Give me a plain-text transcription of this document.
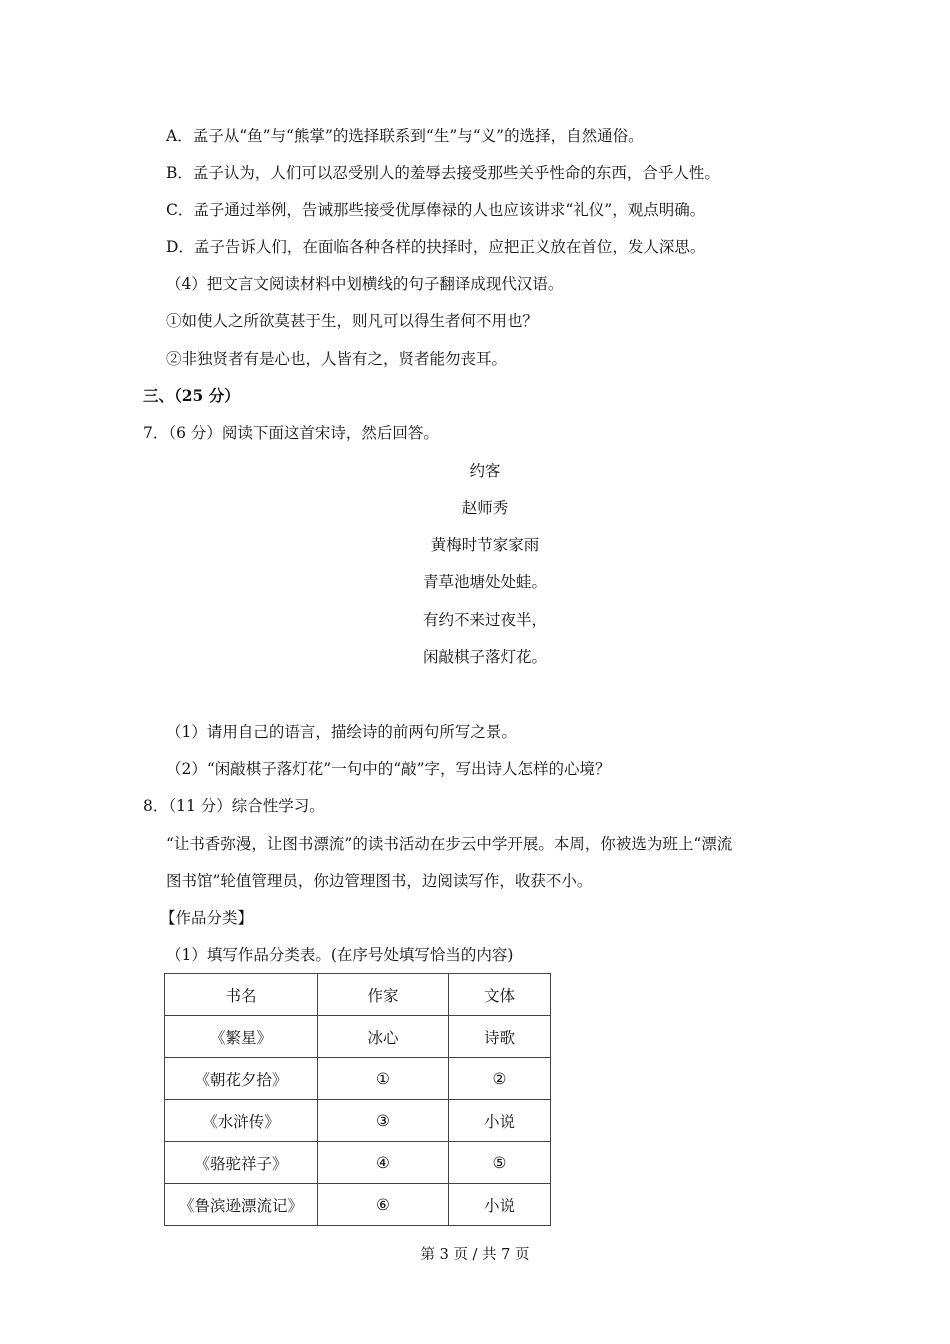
A．孟子从“鱼”与“熊掌”的选择联系到“生”与“义”的选择，自然通俗。
B．孟子认为，人们可以忍受别人的羞辱去接受那些关乎性命的东西，合乎人性。
C．孟子通过举例，告诫那些接受优厚俸禄的人也应该讲求“礼仪”，观点明确。
D．孟子告诉人们，在面临各种各样的抉择时，应把正义放在首位，发人深思。
（4）把文言文阅读材料中划横线的句子翻译成现代汉语。
①如使人之所欲莫甚于生，则凡可以得生者何不用也？
②非独贤者有是心也，人皆有之，贤者能勿丧耳。
三、（25 分）
7．（6 分）阅读下面这首宋诗，然后回答。
约客
赵师秀
黄梅时节家家雨
青草池塘处处蛙。
有约不来过夜半，
闲敲棋子落灯花。
（1）请用自己的语言，描绘诗的前两句所写之景。
（2）“闲敲棋子落灯花”一句中的“敲”字，写出诗人怎样的心境？
8．（11 分）综合性学习。
“让书香弥漫，让图书漂流”的读书活动在步云中学开展。本周，你被选为班上“漂流
图书馆”轮值管理员，你边管理图书，边阅读写作，收获不小。
【作品分类】
（1）填写作品分类表。(在序号处填写恰当的内容)
书名	作家	文体
《繁星》	冰心	诗歌
《朝花夕拾》	①	②
《水浒传》	③	小说
《骆驼祥子》	④	⑤
《鲁滨逊漂流记》	⑥	小说
第 3 页 / 共 7 页
